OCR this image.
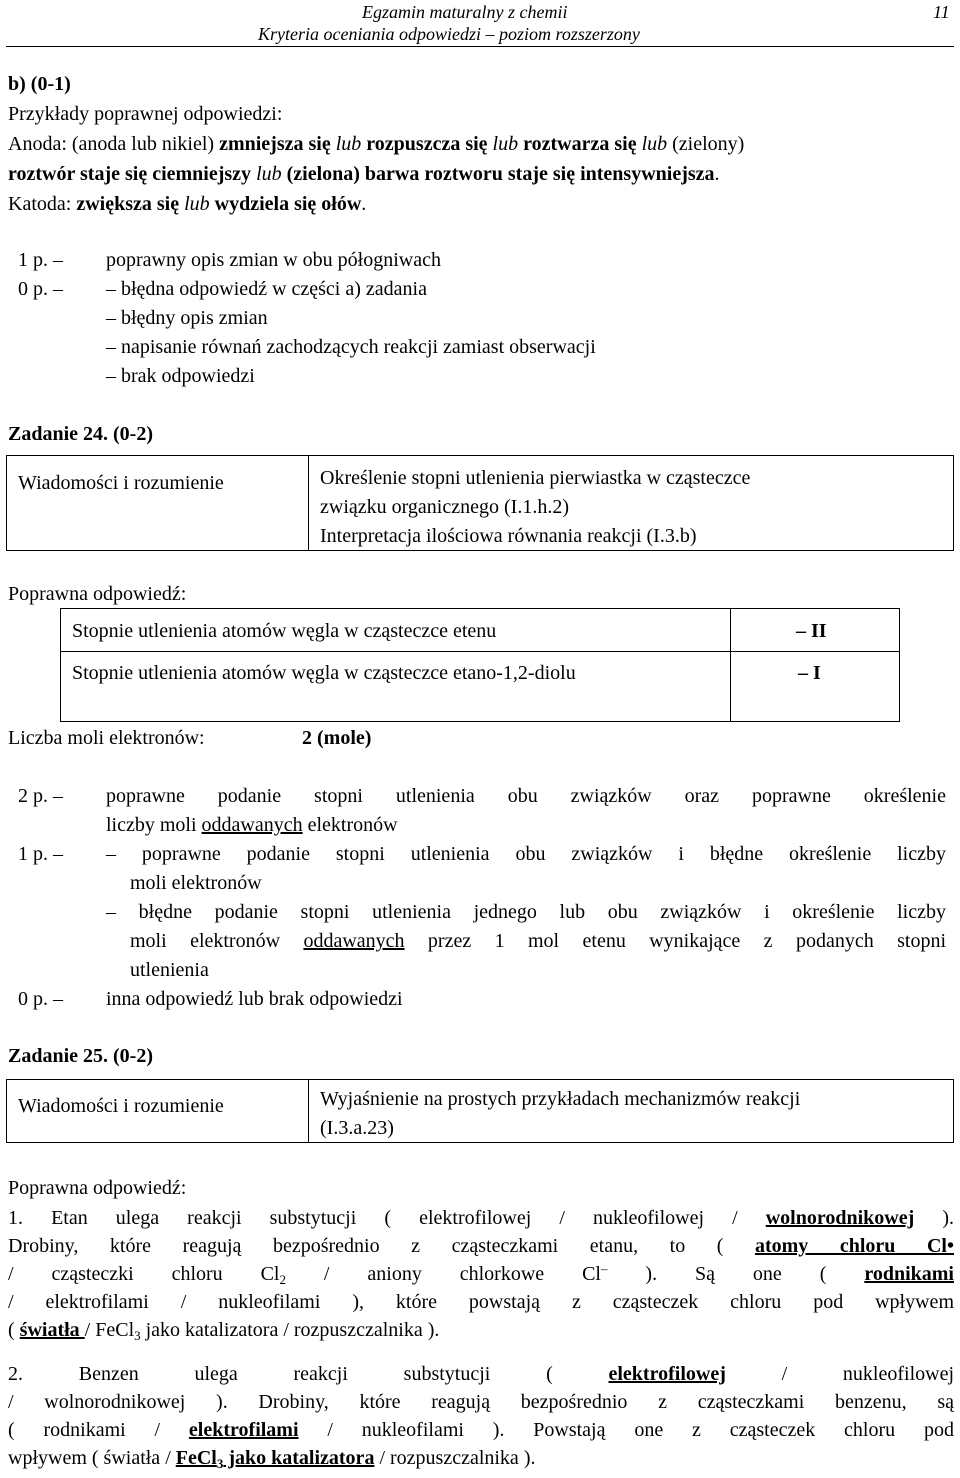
Egzamin maturalny z chemii
Kryteria oceniania odpowiedzi – poziom rozszerzony
11
b) (0-1)
Przykłady poprawnej odpowiedzi:
Anoda: (anoda lub nikiel) zmniejsza się lub rozpuszcza się lub roztwarza się lub (zielony)
roztwór staje się ciemniejszy lub (zielona) barwa roztworu staje się intensywniejsza.
Katoda: zwiększa się lub wydziela się ołów.
1 p. – poprawny opis zmian w obu półogniwach
0 p. – – błędna odpowiedź w części a) zadania
– błędny opis zmian
– napisanie równań zachodzących reakcji zamiast obserwacji
– brak odpowiedzi
Zadanie 24. (0-2)
Wiadomości i rozumienie	Określenie stopni utlenienia pierwiastka w cząsteczce
związku organicznego (I.1.h.2)
Interpretacja ilościowa równania reakcji (I.3.b)
Poprawna odpowiedź:
Stopnie utlenienia atomów węgla w cząsteczce etenu	– II
Stopnie utlenienia atomów węgla w cząsteczce etano-1,2-diolu	– I
Liczba moli elektronów:	2 (mole)
2 p. – poprawne podanie stopni utlenienia obu związków oraz poprawne określenie
liczby moli oddawanych elektronów
1 p. – – poprawne podanie stopni utlenienia obu związków i błędne określenie liczby
moli elektronów
– błędne podanie stopni utlenienia jednego lub obu związków i określenie liczby
moli elektronów oddawanych przez 1 mol etenu wynikające z podanych stopni
utlenienia
0 p. – inna odpowiedź lub brak odpowiedzi
Zadanie 25. (0-2)
Wiadomości i rozumienie	Wyjaśnienie na prostych przykładach mechanizmów reakcji
(I.3.a.23)
Poprawna odpowiedź:
1. Etan ulega reakcji substytucji ( elektrofilowej / nukleofilowej / wolnorodnikowej ).
Drobiny, które reagują bezpośrednio z cząsteczkami etanu, to ( atomy chloru Cl•
/ cząsteczki chloru $Cl_2$ / aniony chlorkowe Cl– ). Są one ( rodnikami
/ elektrofilami / nukleofilami ), które powstają z cząsteczek chloru pod wpływem
( światła / FeCl$_3$ jako katalizatora / rozpuszczalnika ).
2. Benzen ulega reakcji substytucji ( elektrofilowej / nukleofilowej
/ wolnorodnikowej ). Drobiny, które reagują bezpośrednio z cząsteczkami benzenu, są
( rodnikami / elektrofilami / nukleofilami ). Powstają one z cząsteczek chloru pod
wpływem ( światła / FeCl$_3$ jako katalizatora / rozpuszczalnika ).
